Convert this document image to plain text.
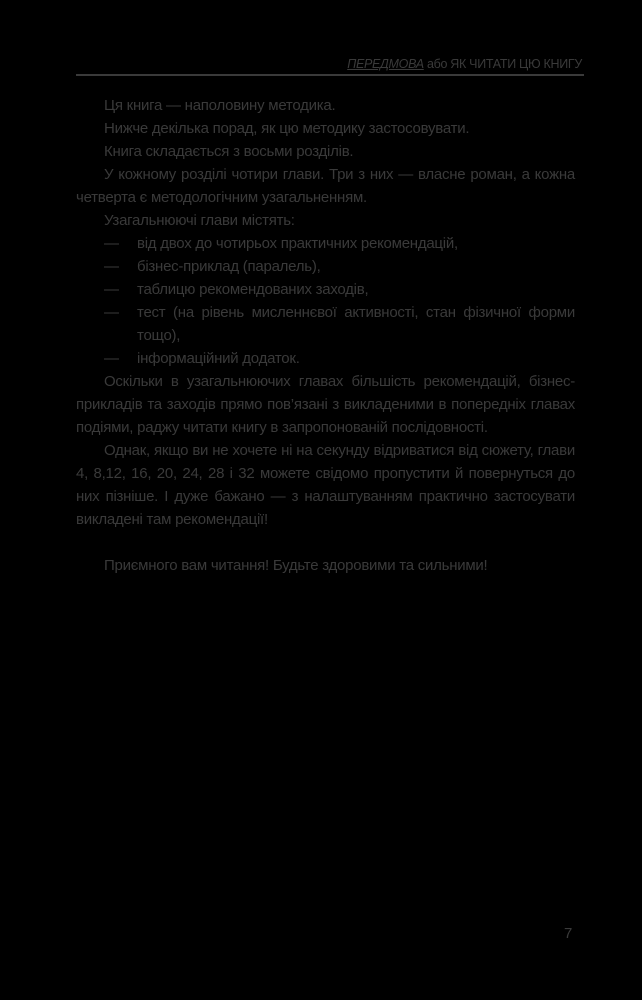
ПЕРЕДМОВА або ЯК ЧИТАТИ ЦЮ КНИГУ

Ця книга — наполовину методика.

Нижче декілька порад, як цю методику застосовувати.

Книга складається з восьми розділів.

У кожному розділі чотири глави. Три з них — власне роман, а кожна четверта є методологічним узагальненням.

Узагальнюючі глави містять:

— від двох до чотирьох практичних рекомендацій,
— бізнес-приклад (паралель),
— таблицю рекомендованих заходів,
— тест (на рівень мисленнєвої активності, стан фізичної форми тощо),
— інформаційний додаток.

Оскільки в узагальнюючих главах більшість рекомендацій, бізнес-прикладів та заходів прямо пов’язані з викладеними в попередніх главах подіями, раджу читати книгу в запропонованій послідовності.

Однак, якщо ви не хочете ні на секунду відриватися від сюжету, глави 4, 8,12, 16, 20, 24, 28 і 32 можете свідомо пропустити й повернуться до них пізніше. І дуже бажано — з налаштуванням практично застосувати викладені там рекомендації!

Приємного вам читання! Будьте здоровими та сильними!

7
